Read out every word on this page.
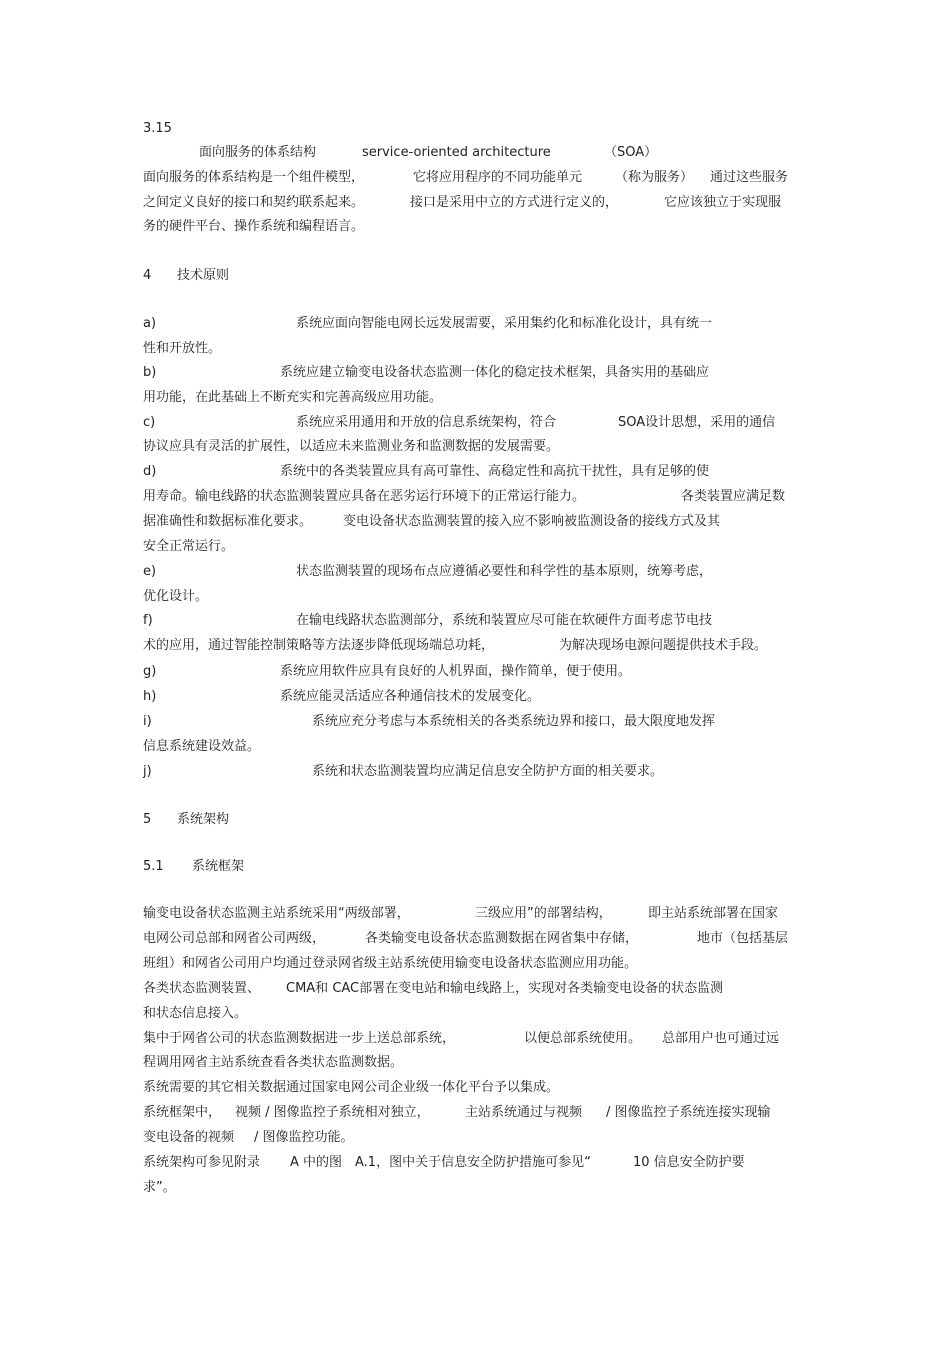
3.15
面向服务的体系结构	service-oriented architecture	（SOA）
面向服务的体系结构是一个组件模型，	它将应用程序的不同功能单元	（称为服务） 通过这些服务
之间定义良好的接口和契约联系起来。	接口是采用中立的方式进行定义的，	它应该独立于实现服
务的硬件平台、操作系统和编程语言。
4 技术原则
a)	系统应面向智能电网长远发展需要，采用集约化和标准化设计，具有统一
性和开放性。
b)	系统应建立输变电设备状态监测一体化的稳定技术框架，具备实用的基础应
用功能，在此基础上不断充实和完善高级应用功能。
c)	系统应采用通用和开放的信息系统架构，符合	SOA设计思想，采用的通信
协议应具有灵活的扩展性，以适应未来监测业务和监测数据的发展需要。
d)	系统中的各类装置应具有高可靠性、高稳定性和高抗干扰性，具有足够的使
用寿命。输电线路的状态监测装置应具备在恶劣运行环境下的正常运行能力。	各类装置应满足数
据准确性和数据标准化要求。 变电设备状态监测装置的接入应不影响被监测设备的接线方式及其
安全正常运行。
e)	状态监测装置的现场布点应遵循必要性和科学性的基本原则，统筹考虑，
优化设计。
f)	在输电线路状态监测部分，系统和装置应尽可能在软硬件方面考虑节电技
术的应用，通过智能控制策略等方法逐步降低现场端总功耗，	为解决现场电源问题提供技术手段。
g)	系统应用软件应具有良好的人机界面，操作简单，便于使用。
h)	系统应能灵活适应各种通信技术的发展变化。
i)	系统应充分考虑与本系统相关的各类系统边界和接口，最大限度地发挥
信息系统建设效益。
j)	系统和状态监测装置均应满足信息安全防护方面的相关要求。
5 系统架构
5.1 系统框架
输变电设备状态监测主站系统采用“两级部署，	三级应用”的部署结构，	即主站系统部署在国家
电网公司总部和网省公司两级，	各类输变电设备状态监测数据在网省集中存储，	地市（包括基层
班组）和网省公司用户均通过登录网省级主站系统使用输变电设备状态监测应用功能。
各类状态监测装置、 CMA和 CAC部署在变电站和输电线路上，实现对各类输变电设备的状态监测
和状态信息接入。
集中于网省公司的状态监测数据进一步上送总部系统，	以便总部系统使用。 总部用户也可通过远
程调用网省主站系统查看各类状态监测数据。
系统需要的其它相关数据通过国家电网公司企业级一体化平台予以集成。
系统框架中， 视频 / 图像监控子系统相对独立，	主站系统通过与视频 / 图像监控子系统连接实现输
变电设备的视频 / 图像监控功能。
系统架构可参见附录 A 中的图 A.1，图中关于信息安全防护措施可参见“	10 信息安全防护要
求”。
